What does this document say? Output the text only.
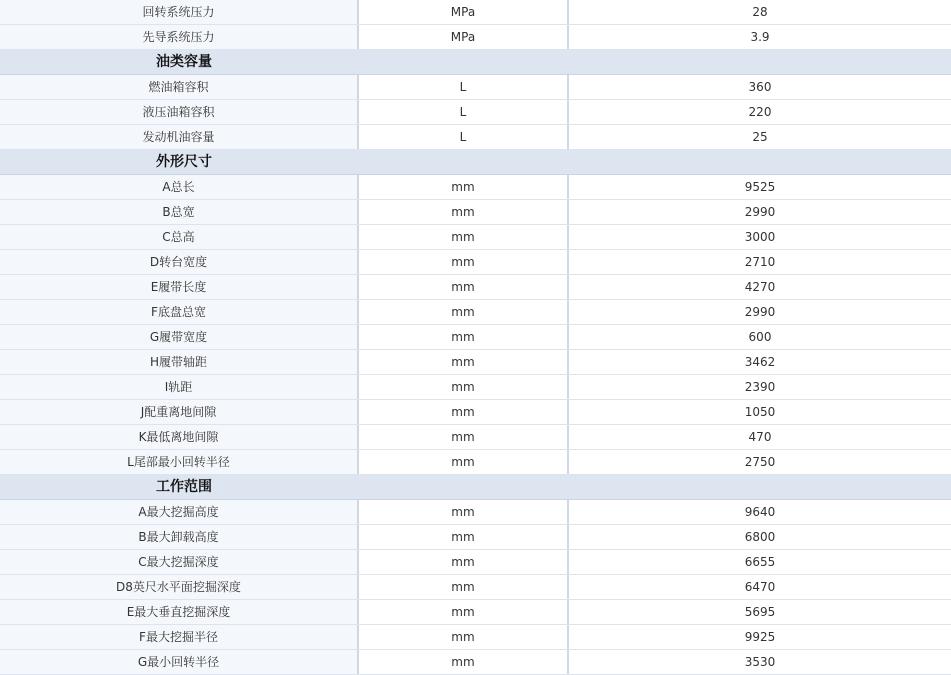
回转系统压力	MPa	28
先导系统压力	MPa	3.9
油类容量
燃油箱容积	L	360
液压油箱容积	L	220
发动机油容量	L	25
外形尺寸
A总长	mm	9525
B总宽	mm	2990
C总高	mm	3000
D转台宽度	mm	2710
E履带长度	mm	4270
F底盘总宽	mm	2990
G履带宽度	mm	600
H履带轴距	mm	3462
I轨距	mm	2390
J配重离地间隙	mm	1050
K最低离地间隙	mm	470
L尾部最小回转半径	mm	2750
工作范围
A最大挖掘高度	mm	9640
B最大卸载高度	mm	6800
C最大挖掘深度	mm	6655
D8英尺水平面挖掘深度	mm	6470
E最大垂直挖掘深度	mm	5695
F最大挖掘半径	mm	9925
G最小回转半径	mm	3530
